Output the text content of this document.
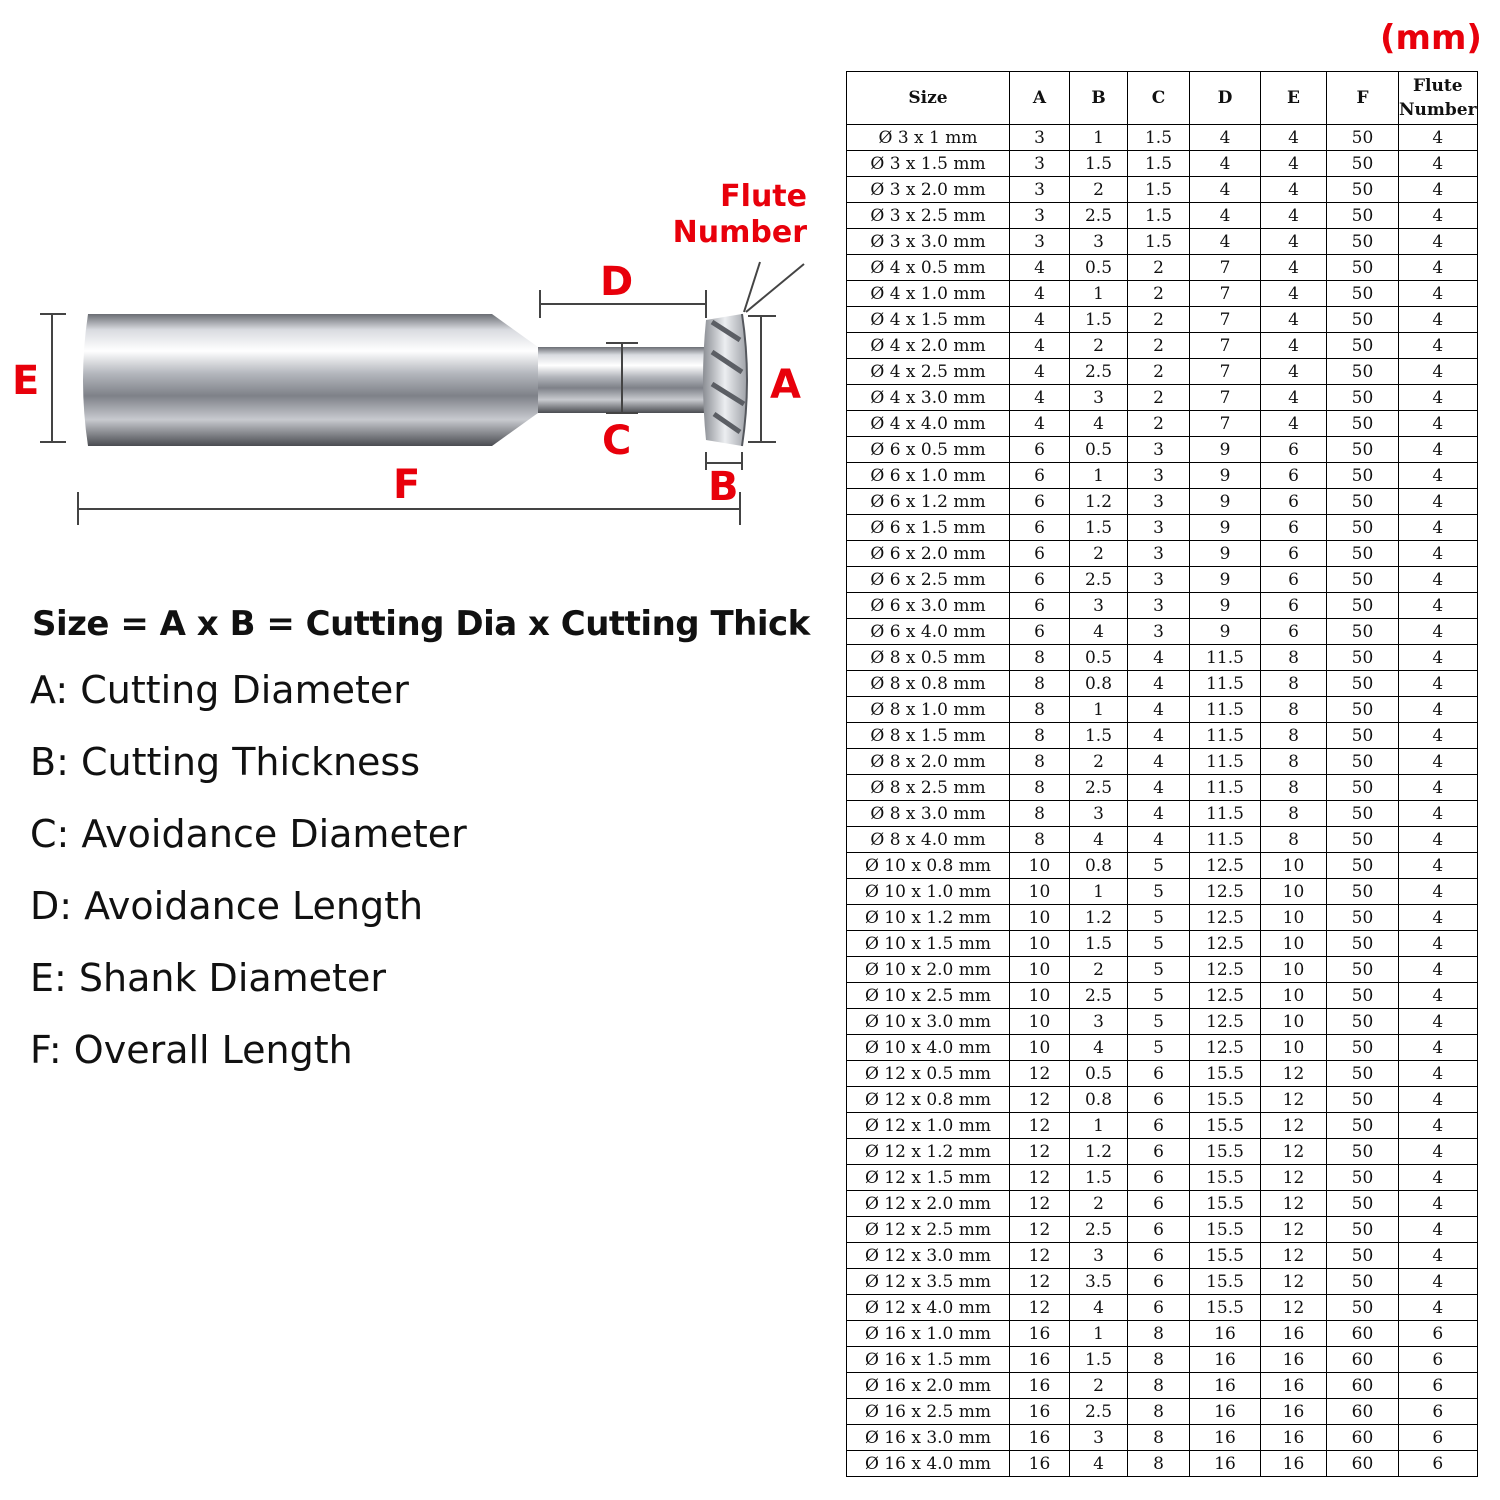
(mm)
E	A
D
C
B
F
Flute
Number
Size = A x B = Cutting Dia x Cutting Thick
A: Cutting Diameter
B: Cutting Thickness
C: Avoidance Diameter
D: Avoidance Length
E: Shank Diameter
F: Overall Length
Size	A	B	C	D	E	F	Flute Number
Ø 3 x 1 mm	3	1	1.5	4	4	50	4
Ø 3 x 1.5 mm	3	1.5	1.5	4	4	50	4
Ø 3 x 2.0 mm	3	2	1.5	4	4	50	4
Ø 3 x 2.5 mm	3	2.5	1.5	4	4	50	4
Ø 3 x 3.0 mm	3	3	1.5	4	4	50	4
Ø 4 x 0.5 mm	4	0.5	2	7	4	50	4
Ø 4 x 1.0 mm	4	1	2	7	4	50	4
Ø 4 x 1.5 mm	4	1.5	2	7	4	50	4
Ø 4 x 2.0 mm	4	2	2	7	4	50	4
Ø 4 x 2.5 mm	4	2.5	2	7	4	50	4
Ø 4 x 3.0 mm	4	3	2	7	4	50	4
Ø 4 x 4.0 mm	4	4	2	7	4	50	4
Ø 6 x 0.5 mm	6	0.5	3	9	6	50	4
Ø 6 x 1.0 mm	6	1	3	9	6	50	4
Ø 6 x 1.2 mm	6	1.2	3	9	6	50	4
Ø 6 x 1.5 mm	6	1.5	3	9	6	50	4
Ø 6 x 2.0 mm	6	2	3	9	6	50	4
Ø 6 x 2.5 mm	6	2.5	3	9	6	50	4
Ø 6 x 3.0 mm	6	3	3	9	6	50	4
Ø 6 x 4.0 mm	6	4	3	9	6	50	4
Ø 8 x 0.5 mm	8	0.5	4	11.5	8	50	4
Ø 8 x 0.8 mm	8	0.8	4	11.5	8	50	4
Ø 8 x 1.0 mm	8	1	4	11.5	8	50	4
Ø 8 x 1.5 mm	8	1.5	4	11.5	8	50	4
Ø 8 x 2.0 mm	8	2	4	11.5	8	50	4
Ø 8 x 2.5 mm	8	2.5	4	11.5	8	50	4
Ø 8 x 3.0 mm	8	3	4	11.5	8	50	4
Ø 8 x 4.0 mm	8	4	4	11.5	8	50	4
Ø 10 x 0.8 mm	10	0.8	5	12.5	10	50	4
Ø 10 x 1.0 mm	10	1	5	12.5	10	50	4
Ø 10 x 1.2 mm	10	1.2	5	12.5	10	50	4
Ø 10 x 1.5 mm	10	1.5	5	12.5	10	50	4
Ø 10 x 2.0 mm	10	2	5	12.5	10	50	4
Ø 10 x 2.5 mm	10	2.5	5	12.5	10	50	4
Ø 10 x 3.0 mm	10	3	5	12.5	10	50	4
Ø 10 x 4.0 mm	10	4	5	12.5	10	50	4
Ø 12 x 0.5 mm	12	0.5	6	15.5	12	50	4
Ø 12 x 0.8 mm	12	0.8	6	15.5	12	50	4
Ø 12 x 1.0 mm	12	1	6	15.5	12	50	4
Ø 12 x 1.2 mm	12	1.2	6	15.5	12	50	4
Ø 12 x 1.5 mm	12	1.5	6	15.5	12	50	4
Ø 12 x 2.0 mm	12	2	6	15.5	12	50	4
Ø 12 x 2.5 mm	12	2.5	6	15.5	12	50	4
Ø 12 x 3.0 mm	12	3	6	15.5	12	50	4
Ø 12 x 3.5 mm	12	3.5	6	15.5	12	50	4
Ø 12 x 4.0 mm	12	4	6	15.5	12	50	4
Ø 16 x 1.0 mm	16	1	8	16	16	60	6
Ø 16 x 1.5 mm	16	1.5	8	16	16	60	6
Ø 16 x 2.0 mm	16	2	8	16	16	60	6
Ø 16 x 2.5 mm	16	2.5	8	16	16	60	6
Ø 16 x 3.0 mm	16	3	8	16	16	60	6
Ø 16 x 4.0 mm	16	4	8	16	16	60	6
